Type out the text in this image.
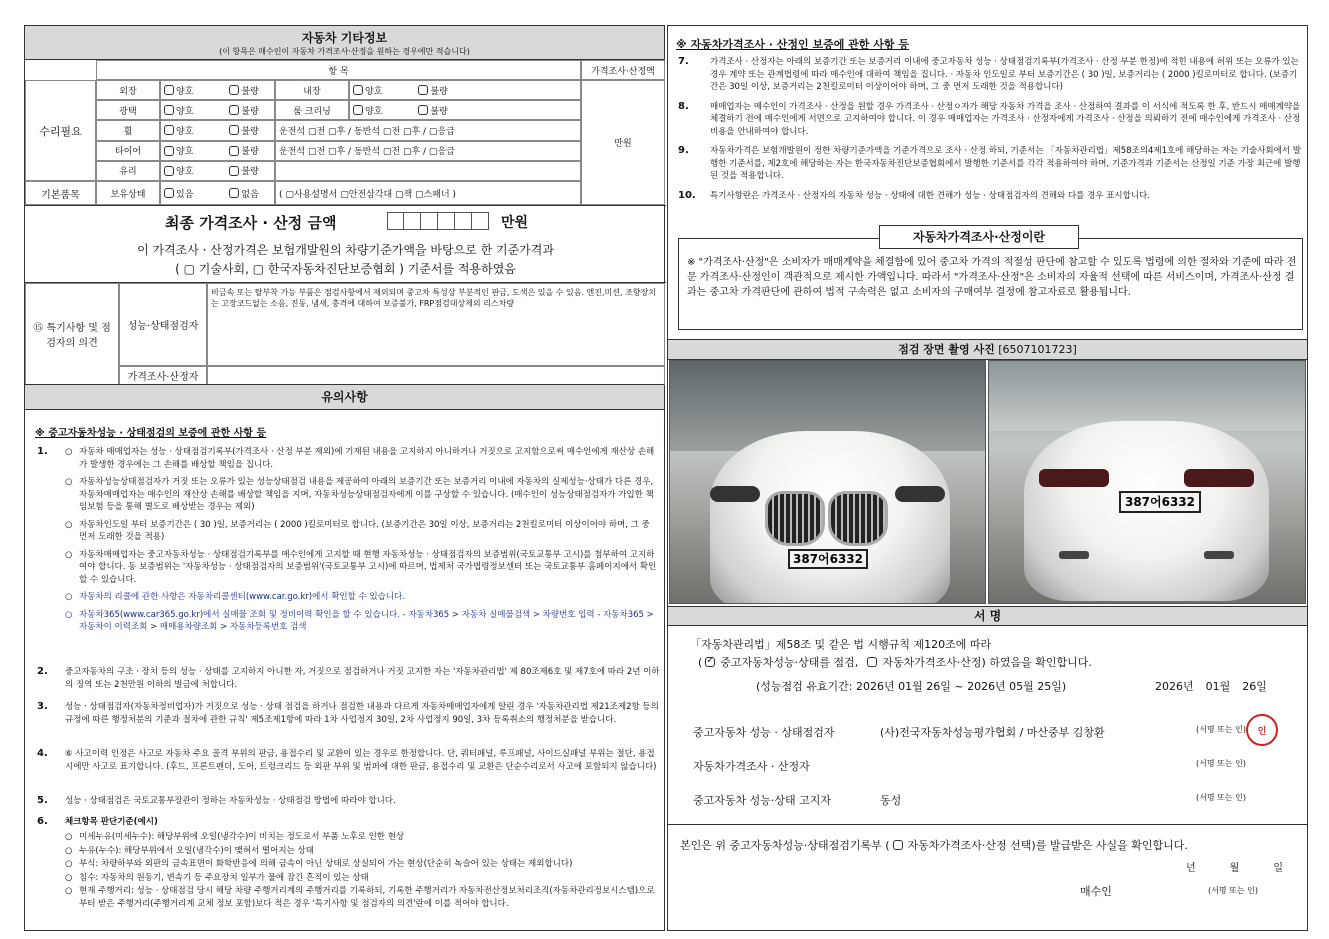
자동차 기타정보
(이 항목은 매수인이 자동차 가격조사·산정을 원하는 경우에만 적습니다)
항 목	가격조사·산정액
수리필요
만원
기본품목
외장	양호	불량	내장	양호	불량
광택	양호	불량	룸 크리닝	양호	불량
휠	양호	불량	운전석 ▢전 ▢후 / 동반석 ▢전 ▢후 / ▢응급
타이어	양호	불량	운전석 ▢전 ▢후 / 동반석 ▢전 ▢후 / ▢응급
유리	양호	불량
보유상태	있음	없음	( ▢사용설명서 ▢안전삼각대 ▢잭 ▢스패너 )
최종 가격조사 · 산정 금액	만원
이 가격조사 · 산정가격은 보험개발원의 차량기준가액을 바탕으로 한 기준가격과
( ▢ 기술사회, ▢ 한국자동차진단보증협회 ) 기준서를 적용하였음
⑮ 특기사항 및 점검자의 의견
성능·상태점검자
비금속 또는 탈부착 가능 부품은 점검사항에서 제외되며 중고차 특성상 부분적인 판금, 도색은 있을 수 있음. 엔진,미션, 조향장치는 고장코드없는 소음, 진동, 냄새, 충격에 대하여 보증불가, FRP점검대상제외 리스차량
가격조사·산정자
유의사항
※ 중고자동차성능 · 상태점검의 보증에 관한 사항 등
1. ○ 자동차 매매업자는 성능 · 상태점검기록부(가격조사 · 산정 부분 제외)에 기재된 내용을 고지하지 아니하거나 거짓으로 고지함으로써 매수인에게 재산상 손해가 발생한 경우에는 그 손해를 배상할 책임을 집니다.
○ 자동차성능상태점검자가 거짓 또는 오류가 있는 성능상태점검 내용을 제공하여 아래의 보증기간 또는 보증거리 이내에 자동차의 실제성능·상태가 다른 경우, 자동차매매업자는 매수인의 재산상 손해를 배상할 책임을 지며, 자동차성능상태점검자에게 이를 구상할 수 있습니다. (매수인이 성능상태점검자가 가입한 책임보험 등을 통해 별도로 배상받는 경우는 제외)
○ 자동차인도일 부터 보증기간은 ( 30 )일, 보증거리는 ( 2000 )킬로미터로 합니다. (보증기간은 30일 이상, 보증거리는 2천킬로미터 이상이어야 하며, 그 중 먼저 도래한 것을 적용)
○ 자동차매매업자는 중고자동차성능 · 상태점검기록부를 매수인에게 고지할 때 현행 자동차성능 · 상태점검자의 보증범위(국토교통부 고시)를 첨부하여 고지하여야 합니다. 동 보증범위는 '자동차성능 · 상태점검자의 보증범위'(국토교통부 고시)에 따르며, 법제처 국가법령정보센터 또는 국토교통부 홈페이지에서 확인할 수 있습니다.
○ 자동차의 리콜에 관한 사항은 자동차리콜센터(www.car.go.kr)에서 확인할 수 있습니다.
○ 자동차365(www.car365.go.kr)에서 실매물 조회 및 정비이력 확인을 할 수 있습니다. - 자동차365 > 자동차 실매물검색 > 차량번호 입력 - 자동차365 > 자동차이 이력조회 > 매매용차량조회 > 자동차등록번호 검색
2. 중고자동차의 구조 · 장치 등의 성능 · 상태를 고지하지 아니한 자, 거짓으로 점검하거나 거짓 고지한 자는 '자동차관리법' 제 80조제6호 및 제7호에 따라 2년 이하의 징역 또는 2천만원 이하의 벌금에 처합니다.
3. 성능 · 상태점검자(자동차정비업자)가 거짓으로 성능 · 상태 점검을 하거나 점검한 내용과 다르게 자동차매매업자에게 알린 경우 '자동차관리법 제21조제2항 등의 규정에 따른 행정처분의 기준과 절차에 관한 규칙' 제5조제1항에 따라 1차 사업정지 30일, 2차 사업정지 90일, 3차 등록취소의 행정처분을 받습니다.
4. ⑥ 사고이력 인정은 사고로 자동차 주요 골격 부위의 판금, 용접수리 및 교환이 있는 경우로 한정합니다. 단, 쿼터패널, 루프패널, 사이드실패널 부위는 절단, 용접 시에만 사고로 표기합니다. (후드, 프론트펜더, 도어, 트렁크리드 등 외판 부위 및 범퍼에 대한 판금, 용접수리 및 교환은 단순수리로서 사고에 포함되지 않습니다)
5. 성능 · 상태점검은 국토교통부장관이 정하는 자동차성능 · 상태점검 방법에 따라야 합니다.
6. 체크항목 판단기준(예시)
○ 미세누유(미세누수): 해당부위에 오일(냉각수)이 비치는 정도로서 부품 노후로 인한 현상
○ 누유(누수): 해당부위에서 오일(냉각수)이 맺혀서 떨어지는 상태
○ 부식: 차량하부와 외판의 금속표면이 화학반응에 의해 금속이 아닌 상태로 상실되어 가는 현상(단순히 녹슬어 있는 상태는 제외합니다)
○ 침수: 자동차의 원동기, 변속기 등 주요장치 일부가 물에 잠긴 흔적이 있는 상태
○ 현재 주행거리: 성능 · 상태점검 당시 해당 차량 주행거리계의 주행거리를 기록하되, 기록한 주행거리가 자동차전산정보처리조직(자동차관리정보시스템)으로부터 받은 주행거리(주행거리계 교체 정보 포함)보다 적은 경우 '특기사항 및 점검자의 의견'란에 이를 적어야 합니다.
※ 자동차가격조사 · 산정인 보증에 관한 사항 등
7. 가격조사 · 산정자는 아래의 보증기간 또는 보증거리 이내에 중고자동차 성능 · 상태점검기록부(가격조사 · 산정 부분 한정)에 적힌 내용에 허위 또는 오류가 있는 경우 계약 또는 관계법령에 따라 매수인에 대하여 책임을 집니다. · 자동차 인도일로 부터 보증기간은 ( 30 )일, 보증거리는 ( 2000 )킬로미터로 합니다. (보증기간은 30일 이상, 보증거리는 2천킬로미터 이상이어야 하며, 그 중 먼저 도래한 것을 적용합니다)
8. 매매업자는 매수인이 가격조사 · 산정을 원할 경우 가격조사 · 산정ㅇ자가 해당 자동차 가격을 조사 · 산정하여 결과를 이 서식에 적도록 한 후, 반드시 매매계약을 체결하기 전에 매수인에게 서면으로 고지하여야 합니다. 이 경우 매매업자는 가격조사 · 산정자에게 가격조사 · 산정을 의뢰하기 전에 매수인에게 가격조사 · 산정 비용을 안내하여야 합니다.
9. 자동차가격은 보험개발원이 정한 차량기준가액을 기준가격으로 조사 · 산정 하되, 기준서는 「자동차관리법」제58조의4제1호에 해당하는 자는 기술사회에서 발행한 기준서를, 제2호에 해당하는 자는 한국자동차진단보증협회에서 발행한 기준서를 각각 적용하여야 하며, 기준가격과 기준서는 산정일 기준 가장 최근에 발행된 것을 적용합니다.
10. 특기사항란은 가격조사 · 산정자의 자동차 성능 · 상태에 대한 견해가 성능 · 상태점검자의 견해와 다를 경우 표시합니다.
자동차가격조사·산정이란
※ "가격조사·산정"은 소비자가 매매계약을 체결함에 있어 중고차 가격의 적절성 판단에 참고할 수 있도록 법령에 의한 절차와 기준에 따라 전문 가격조사·산정인이 객관적으로 제시한 가액입니다. 따라서 "가격조사·산정"은 소비자의 자율적 선택에 따른 서비스이며, 가격조사·산정 결과는 중고차 가격판단에 관하여 법적 구속력은 없고 소비자의 구매여부 결정에 참고자료로 활용됩니다.
점검 장면 촬영 사진 [6507101723]
387어6332
387어6332
서 명
「자동차관리법」제58조 및 같은 법 시행규칙 제120조에 따라
(
✓ 중고자동차성능·상태를 점검, 자동차가격조사·산정) 하였음을 확인합니다.
(성능점검 유효기간: 2026년 01월 26일 ~ 2026년 05월 25일)	2026년 01월 26일
중고자동차 성능 · 상태점검자	(사)전국자동차성능평가협회 / 마산중부 김창환	(서명 또는 인)	인
자동차가격조사 · 산정자	(서명 또는 인)
중고자동차 성능·상태 고지자	동성	(서명 또는 인)
본인은 위 중고자동차성능·상태점검기록부 ( 자동차가격조사·산정 선택)를 발급받은 사실을 확인합니다.
년	월	일
매수인	(서명 또는 인)
